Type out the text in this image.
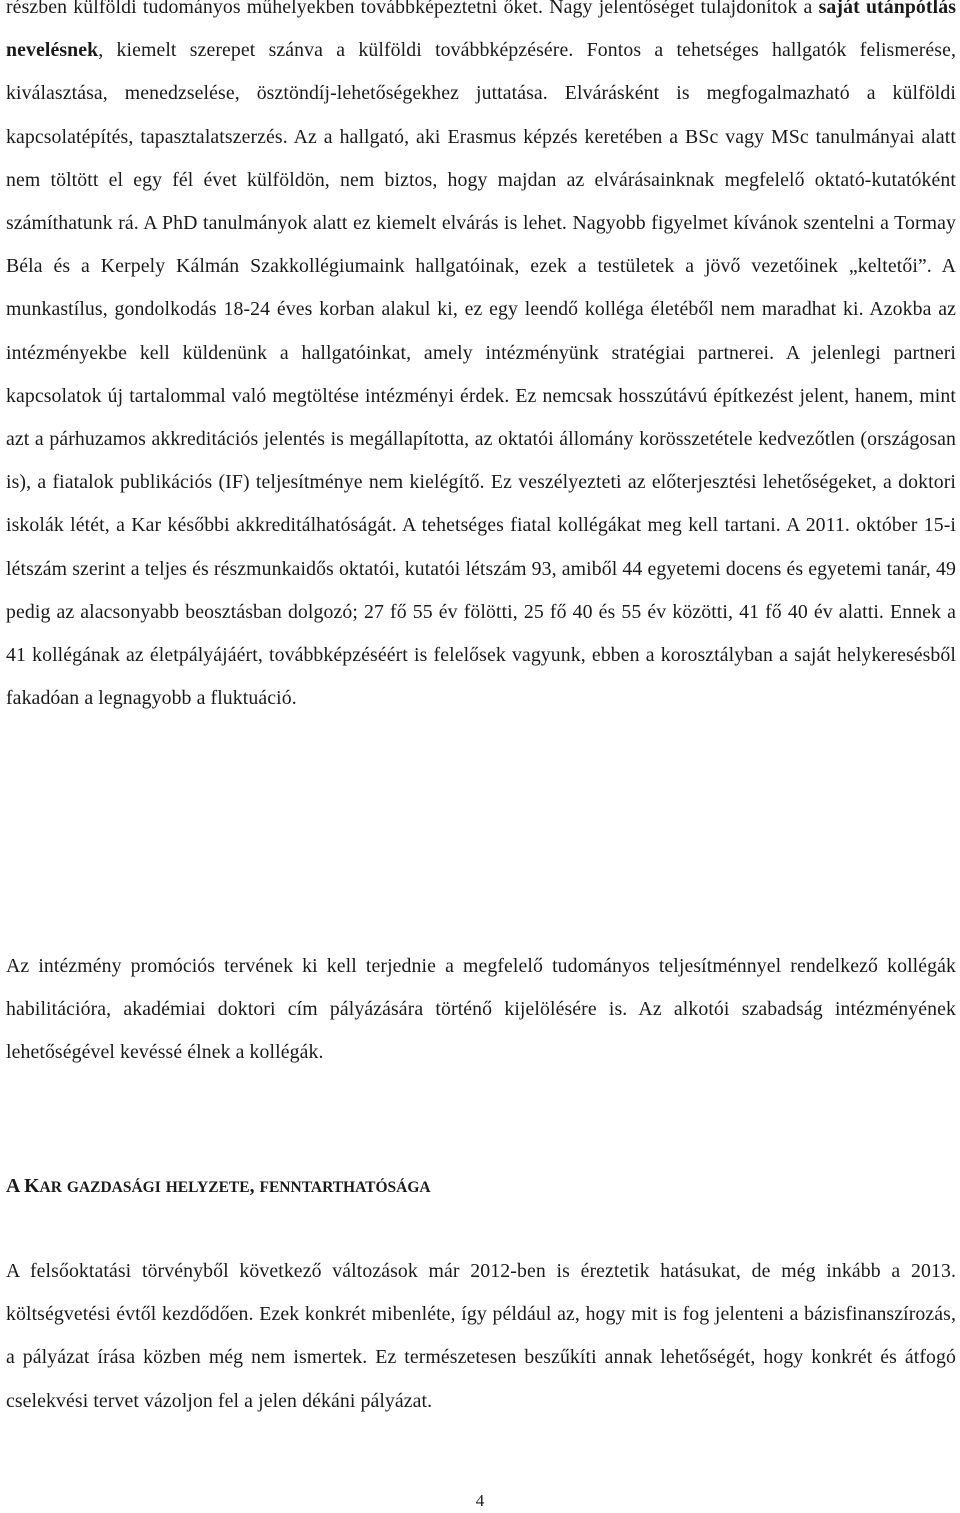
részben külföldi tudományos műhelyekben továbbképeztetni őket. Nagy jelentőséget tulajdonítok a saját utánpótlás nevelésnek, kiemelt szerepet szánva a külföldi továbbképzésére. Fontos a tehetséges hallgatók felismerése, kiválasztása, menedzselése, ösztöndíj-lehetőségekhez juttatása. Elvárásként is megfogalmazható a külföldi kapcsolatépítés, tapasztalatszerzés. Az a hallgató, aki Erasmus képzés keretében a BSc vagy MSc tanulmányai alatt nem töltött el egy fél évet külföldön, nem biztos, hogy majdan az elvárásainknak megfelelő oktató-kutatóként számíthatunk rá. A PhD tanulmányok alatt ez kiemelt elvárás is lehet. Nagyobb figyelmet kívánok szentelni a Tormay Béla és a Kerpely Kálmán Szakkollégiumaink hallgatóinak, ezek a testületek a jövő vezetőinek „keltetői”. A munkastílus, gondolkodás 18-24 éves korban alakul ki, ez egy leendő kolléga életéből nem maradhat ki. Azokba az intézményekbe kell küldenünk a hallgatóinkat, amely intézményünk stratégiai partnerei. A jelenlegi partneri kapcsolatok új tartalommal való megtöltése intézményi érdek. Ez nemcsak hosszútávú építkezést jelent, hanem, mint azt a párhuzamos akkreditációs jelentés is megállapította, az oktatói állomány korösszetétele kedvezőtlen (országosan is), a fiatalok publikációs (IF) teljesítménye nem kielégítő. Ez veszélyezteti az előterjesztési lehetőségeket, a doktori iskolák létét, a Kar későbbi akkreditálhatóságát. A tehetséges fiatal kollégákat meg kell tartani. A 2011. október 15-i létszám szerint a teljes és részmunkaidős oktatói, kutatói létszám 93, amiből 44 egyetemi docens és egyetemi tanár, 49 pedig az alacsonyabb beosztásban dolgozó; 27 fő 55 év fölötti, 25 fő 40 és 55 év közötti, 41 fő 40 év alatti. Ennek a 41 kollégának az életpályájáért, továbbképzéséért is felelősek vagyunk, ebben a korosztályban a saját helykeresésből fakadóan a legnagyobb a fluktuáció.

Az intézmény promóciós tervének ki kell terjednie a megfelelő tudományos teljesítménnyel rendelkező kollégák habilitációra, akadémiai doktori cím pályázására történő kijelölésére is. Az alkotói szabadság intézményének lehetőségével kevéssé élnek a kollégák.

A KAR GAZDASÁGI HELYZETE, FENNTARTHATÓSÁGA

A felsőoktatási törvényből következő változások már 2012-ben is éreztetik hatásukat, de még inkább a 2013. költségvetési évtől kezdődően. Ezek konkrét mibenléte, így például az, hogy mit is fog jelenteni a bázisfinanszírozás, a pályázat írása közben még nem ismertek. Ez természetesen beszűkíti annak lehetőségét, hogy konkrét és átfogó cselekvési tervet vázoljon fel a jelen dékáni pályázat.

4
